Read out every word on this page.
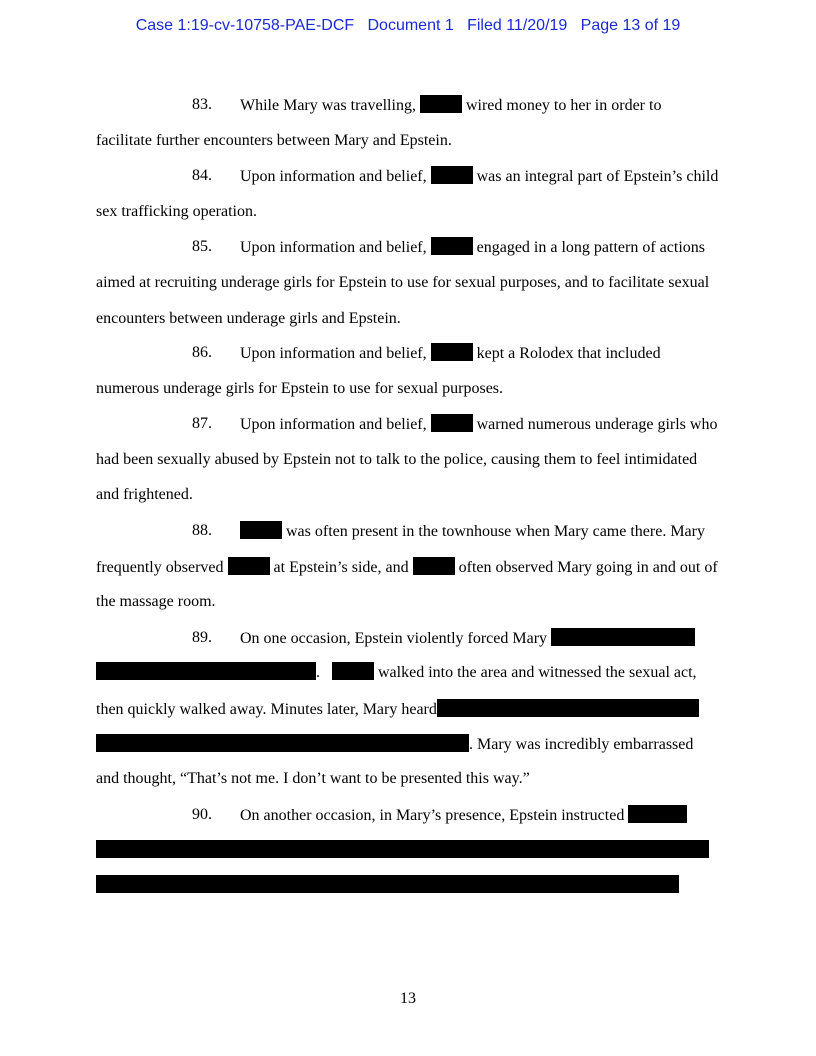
Case 1:19-cv-10758-PAE-DCF   Document 1   Filed 11/20/19   Page 13 of 19
83. While Mary was travelling,	wired money to her in order to
facilitate further encounters between Mary and Epstein.
84. Upon information and belief,	was an integral part of Epstein’s child
sex trafficking operation.
85. Upon information and belief,	engaged in a long pattern of actions
aimed at recruiting underage girls for Epstein to use for sexual purposes, and to facilitate sexual
encounters between underage girls and Epstein.
86. Upon information and belief,	kept a Rolodex that included
numerous underage girls for Epstein to use for sexual purposes.
87. Upon information and belief,	warned numerous underage girls who
had been sexually abused by Epstein not to talk to the police, causing them to feel intimidated
and frightened.
88.	was often present in the townhouse when Mary came there. Mary
frequently observed	at Epstein’s side, and	often observed Mary going in and out of
the massage room.
89. On one occasion, Epstein violently forced Mary
.	walked into the area and witnessed the sexual act,
then quickly walked away. Minutes later, Mary heard
. Mary was incredibly embarrassed
and thought, “That’s not me. I don’t want to be presented this way.”
90. On another occasion, in Mary’s presence, Epstein instructed
13
